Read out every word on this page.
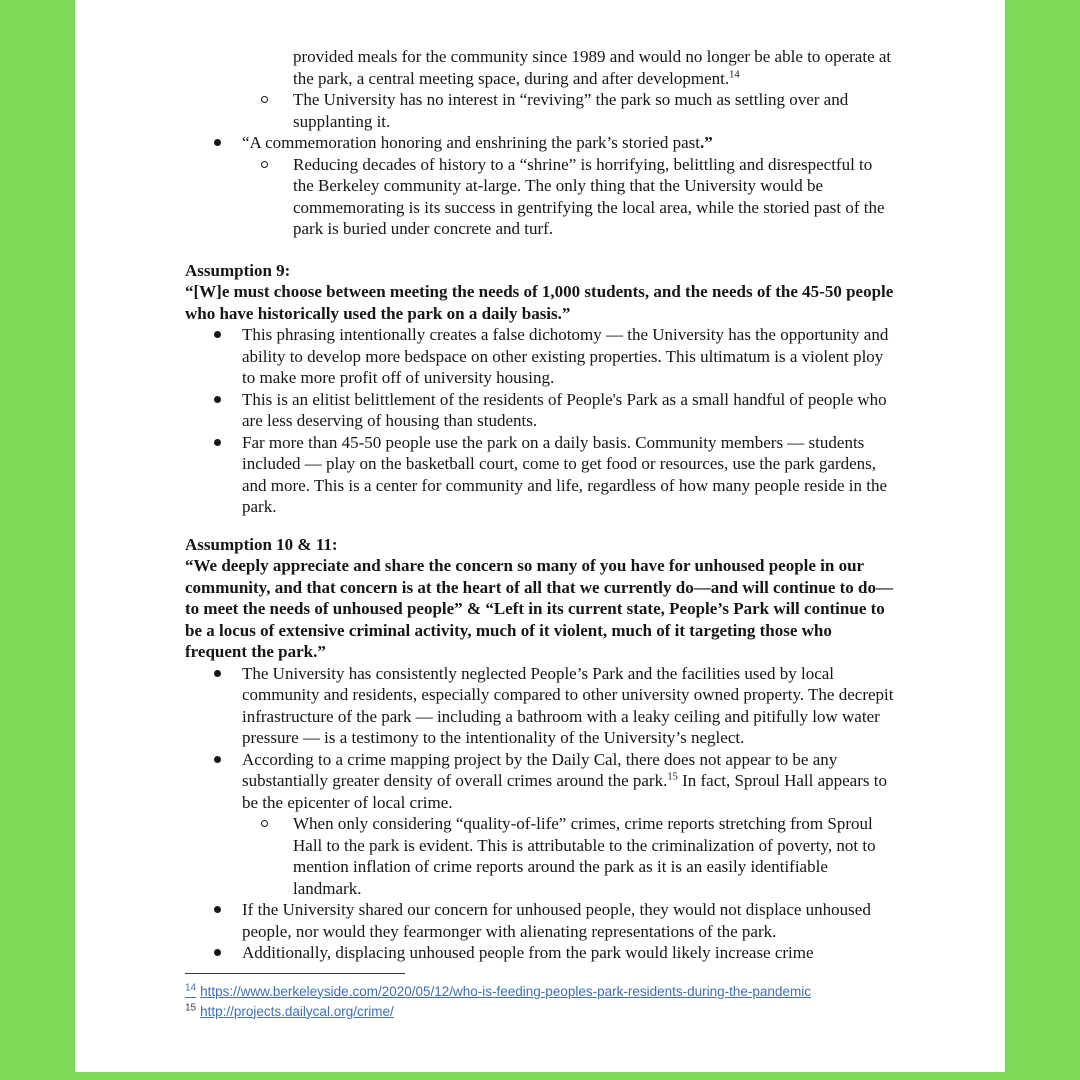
provided meals for the community since 1989 and would no longer be able to operate at the park, a central meeting space, during and after development.$^{14}$
The University has no interest in “reviving” the park so much as settling over and supplanting it.
“A commemoration honoring and enshrining the park’s storied past.”
Reducing decades of history to a “shrine” is horrifying, belittling and disrespectful to the Berkeley community at-large. The only thing that the University would be commemorating is its success in gentrifying the local area, while the storied past of the park is buried under concrete and turf.
Assumption 9:
“[W]e must choose between meeting the needs of 1,000 students, and the needs of the 45-50 people who have historically used the park on a daily basis.”
This phrasing intentionally creates a false dichotomy — the University has the opportunity and ability to develop more bedspace on other existing properties. This ultimatum is a violent ploy to make more profit off of university housing.
This is an elitist belittlement of the residents of People's Park as a small handful of people who are less deserving of housing than students.
Far more than 45-50 people use the park on a daily basis. Community members — students included — play on the basketball court, come to get food or resources, use the park gardens, and more. This is a center for community and life, regardless of how many people reside in the park.
Assumption 10 & 11:
“We deeply appreciate and share the concern so many of you have for unhoused people in our community, and that concern is at the heart of all that we currently do—and will continue to do—to meet the needs of unhoused people” & “Left in its current state, People’s Park will continue to be a locus of extensive criminal activity, much of it violent, much of it targeting those who frequent the park.”
The University has consistently neglected People’s Park and the facilities used by local community and residents, especially compared to other university owned property. The decrepit infrastructure of the park — including a bathroom with a leaky ceiling and pitifully low water pressure — is a testimony to the intentionality of the University’s neglect.
According to a crime mapping project by the Daily Cal, there does not appear to be any substantially greater density of overall crimes around the park.$^{15}$ In fact, Sproul Hall appears to be the epicenter of local crime.
When only considering “quality-of-life” crimes, crime reports stretching from Sproul Hall to the park is evident. This is attributable to the criminalization of poverty, not to mention inflation of crime reports around the park as it is an easily identifiable landmark.
If the University shared our concern for unhoused people, they would not displace unhoused people, nor would they fearmonger with alienating representations of the park.
Additionally, displacing unhoused people from the park would likely increase crime
$^{14}$ https://www.berkeleyside.com/2020/05/12/who-is-feeding-peoples-park-residents-during-the-pandemic
$^{15}$ http://projects.dailycal.org/crime/
